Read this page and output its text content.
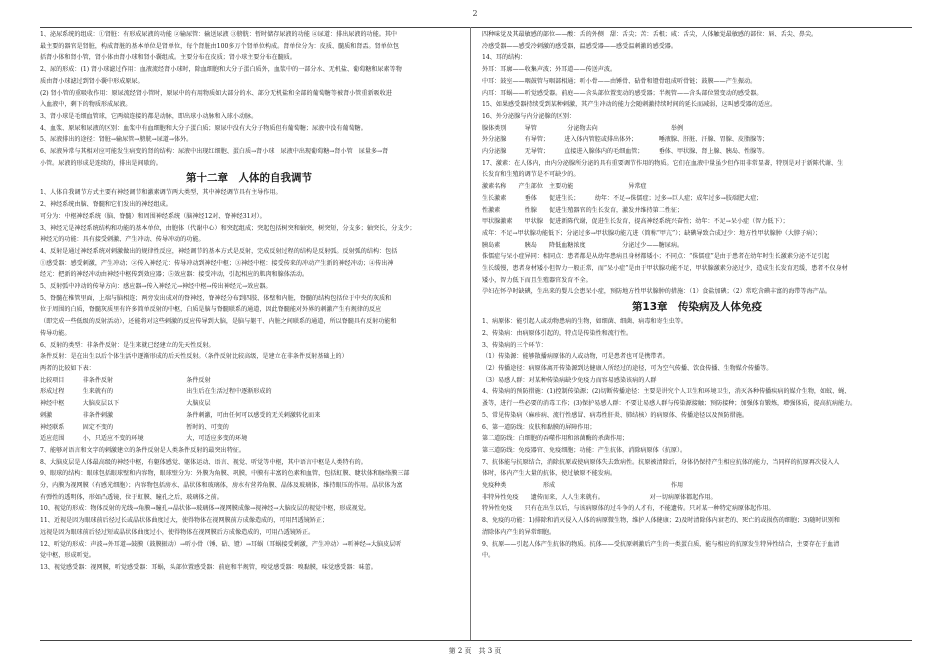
2

1、泌尿系统的组成：①肾脏：有形成尿液的功能 ②输尿管：输送尿液 ③膀胱：暂时储存尿液的功能 ④尿道：排出尿液的功能。其中

最主要的器官是肾脏，构成肾脏的基本单位是肾单位，每个肾脏由100多万个肾单位构成。肾单位分为：皮质、髓质和肾盂。肾单位包

括肾小体和肾小管，肾小体由肾小球和肾小囊组成。主要分布在皮质；肾小球主要分布在髓质。

2、尿的形成：(1) 肾小球滤过作用：血液流经肾小球时，除血细胞和大分子蛋白质外，血浆中的一部分水、无机盐、葡萄糖和尿素等物

质由肾小球滤过到肾小囊中形成原尿。

(2) 肾小管的重吸收作用：原尿流经肾小管时，原尿中的有用物质如大部分的水、部分无机盐和全部的葡萄糖等被肾小管重新吸收进

入血液中，剩下的物质形成尿液。

3、肾小球是毛细血管球，它两端连接的都是动脉，即出球小动脉和入球小动脉。

4、血浆、原尿和尿液的区别：血浆中有血细胞和大分子蛋白质；原尿中没有大分子物质但有葡萄糖；尿液中没有葡萄糖。

5、尿液排出的途径：肾脏→输尿管→膀胱→尿道→体外。

6、尿液异常与其相对应可能发生病变的肾的结构：尿液中出现红细胞、蛋白质→肾小球　尿液中出现葡萄糖→肾小管　尿量多→肾

小管。尿液的形成是连续的，排出是间歇的。

第十二章　人体的自我调节

1、人体自我调节方式主要有神经调节和激素调节两大类型，其中神经调节具有主导作用。

2、神经系统由脑、脊髓和它们发出的神经组成。

可分为：中枢神经系统（脑、脊髓）和周围神经系统（脑神经12对、脊神经31对）。

3、神经元是神经系统结构和功能的基本单位，由胞体（代谢中心）和突起组成；突起包括树突和轴突，树突短，分支多；轴突长，分支少；

神经元的功能：具有接受刺激、产生冲动、传导冲动的功能。

4、反射是通过神经系统对刺激做出的规律性反应，神经调节的基本方式是反射，完成反射过程的结构是反射弧。反射弧的结构：包括

①感受器：感受刺激，产生冲动；②传入神经元：传导冲动到神经中枢；③神经中枢：接受传来的冲动产生新的神经冲动；④传出神

经元：把新的神经冲动由神经中枢传到效应器；⑤效应器：接受冲动，引起相应的肌肉和腺体活动。

5、反射弧中冲动的传导方向：感应器→传入神经元→神经中枢→传出神经元→效应器。

5、脊髓在椎管里面，上端与脑相连；两旁发出成对的脊神经，脊神经分布到四肢、体壁和内脏，脊髓的结构包括位于中央的灰质和

位于周围的白质，脊髓灰质里有许多简单反射的中枢，白质是脑与脊髓联系的通道，因此脊髓能对外界的刺激产生有规律的反应

（即完成一些低级的反射活动），还能将对这些刺激的反应传导到大脑，是脑与躯干、内脏之间联系的通道，所以脊髓具有反射功能和

传导功能。

6、反射的类型：非条件反射：是生来就已经建立的先天性反射。

条件反射：是在出生以后个体生活中逐渐形成的后天性反射。（条件反射比较高级，是建立在非条件反射基础上的）

两者的比较如下表：

比较项目　　　非条件反射　　　　　　　　　　　　条件反射

形成过程　　　生来就有的　　　　　　　　　　　　出生后在生活过程中逐渐形成的

神经中枢　　　大脑皮层以下　　　　　　　　　　　大脑皮层

刺激　　　　　非条件刺激　　　　　　　　　　　　条件刺激，可由任何可以感受的无关刺激转化而来

神经联系　　　固定不变的　　　　　　　　　　　　暂时的、可变的

适应范围　　　小，只适应不变的环境　　　　　　　大，可适应多变的环境

7、能够对语言和文字的刺激建立的条件反射是人类条件反射的最突出特征。

8、大脑皮层是人体最高级的神经中枢，有躯体感觉、躯体运动、语言、视觉、听觉等中枢，其中语言中枢是人类特有的。

9、眼球的结构：眼球包括眼球壁和内容物，眼球壁分为：外膜为角膜、巩膜，中膜有丰富的色素和血管，包括虹膜、睫状体和脉络膜三部

分，内膜为视网膜（有感光细胞）；内容物包括房水、晶状体和玻璃体，房水有营养角膜、晶体及玻璃体，维持眼压的作用。晶状体为富

有弹性的透明体，形如凸透镜，位于虹膜、瞳孔之后，玻璃体之前。

10、视觉的形成：物体反射的光线→角膜→瞳孔→晶状体→玻璃体→视网膜成像→视神经→大脑皮层的视觉中枢，形成视觉。

11、近视是因为眼球前后径过长或晶状体曲度过大，使得物体在视网膜前方成像造成的，可用凹透镜矫正；

远视是因为眼球前后径过短或晶状体曲度过小，使得物体在视网膜后方成像造成的，可用凸透镜矫正。

12、听觉的形成：声波→外耳道→鼓膜（鼓膜振动）→听小骨（锤、砧、镫）→耳蜗（耳蜗接受刺激，产生冲动）→听神经→大脑皮层听

觉中枢，形成听觉。

13、视觉感受器：视网膜，听觉感受器：耳蜗，头部位置感受器：前庭和半规管，嗅觉感受器：嗅黏膜，味觉感受器：味蕾。

四种味觉及其最敏感的部位——酸：舌的外侧　甜：舌尖；苦：舌根；咸：舌尖，人体触觉最敏感的部位：唇、舌尖、鼻尖。

冷感受器——感受冷刺激的感受器，温感受器——感受温刺激的感受器。

14、耳的结构：

外耳：耳廓——收集声波；外耳道——传送声波。

中耳：鼓室——咽鼓管与咽部相通；听小骨——由锤骨、砧骨和镫骨组成听骨链；鼓膜——产生振动。

内耳：耳蜗——听觉感受器。前庭——含头部位置变动的感受器；半规管——含头部位置变动的感受器。

15、如果感受器持续受到某种刺激，其产生冲动的能力会随刺激持续时间的延长而减弱，这叫感受器的适应。

16、外分泌腺与内分泌腺的区别：

腺体类别　　　导管　　　　　分泌物去向　　　　　　　　　　　　举例

外分泌腺　　　有导管；　　　进入体内管腔或排出体外；　　　　唾液腺、肝脏、汗腺、胃腺、皮脂腺等；

内分泌腺　　　无导管；　　　直接进入腺体内的毛细血管；　　　垂体、甲状腺、肾上腺、胰岛、性腺等。

17、激素：在人体内，由内分泌腺所分泌的具有重要调节作用的物质。它们在血液中量虽少但作用非常显著，特别是对于新陈代谢、生

长发育和生殖的调节是不可缺少的。

激素名称　　产生部位　主要功能　　　　　　　　　异常症

生长激素　　　垂体　　促进生长；　　　幼年：不足→侏儒症；过多→巨人症；成年过多→肢端肥大症；

性激素　　　　性腺　　促进生殖器官的生长发育，激发并维持第二性征；

甲状腺激素　　甲状腺　促进新陈代谢，促进生长发育，提高神经系统兴奋性；幼年：不足→呆小症（智力低下）；

成年：不足→甲状腺功能低下；分泌过多→甲状腺功能亢进（简称“甲亢”）；缺碘导致合成过少：地方性甲状腺肿（大脖子病）；

胰岛素　　　　胰岛　　降低血糖浓度　　　　　　分泌过少——糖尿病。

侏儒症与呆小症异同：相同点：患者都是从幼年患病且身材都矮小；不同点：“侏儒症”是由于患者在幼年时生长激素分泌不足引起

生长缓慢，患者身材矮小但智力一般正常，而“呆小症”是由于甲状腺功能不足，甲状腺激素分泌过少，造成生长发育迟缓，患者不仅身材

矮小，智力低下而且生殖器官发育不全。

孕妇在怀孕时缺碘，生出来的婴儿会患呆小症，预防地方性甲状腺肿的措施：（1）食盐加碘；（2）常吃含碘丰富的海带等海产品。

第13章　传染病及人体免疫

1、病原体：能引起人或动物患病的生物，如细菌、细菌、病毒和寄生虫等。

2、传染病：由病原体引起的，特点是传染性和流行性。

3、传染病的三个环节：

（1）传染源：能够散播病原体的人或动物，可是患者也可是携带者。

（2）传播途径：病原体离开传染源到达健康人所经过的途径，可为空气传播、饮食传播、生物媒介传播等。

（3）易感人群：对某种传染病缺少免疫力而容易感染该病的人群

4、传染病的预防措施：(1)控制传染源；(2)切断传播途径：主要是讲究个人卫生和环境卫生，消灭各种传播疾病的媒介生物，如蚊、蝇、

蚤等，进行一些必要的消毒工作；(3)保护易感人群：不要让易感人群与传染源接触；预防接种；加强体育锻炼，增强体质，提高抗病能力。

5、常见传染病（麻疹病、流行性感冒、病毒性肝炎、肺结核）的病原体、传播途径以及预防措施。

6、第一道防线：皮肤和黏膜的屏障作用；

第二道防线：白细胞的吞噬作用和溶菌酶的杀菌作用；

第三道防线：免疫器官、免疫细胞；功能：产生抗体，消除病原体（抗原）。

7、抗体能与抗原结合，消除抗原或使病原体失去致病性。抗原被清除后，身体仍保持产生相应抗体的能力，当同样的抗原再次侵入人

体时，体内产生大量的抗体，使过敏原不能发病。

免疫种类　　　　　　形成　　　　　　　　　　　　　　　　　　　作用

非特异性免疫　　遗传而来，人人生来就有。　　　　　　　　对一切病原体都起作用。

特异性免疫　　只有在出生以后，与该病原体的过斗争的人才有，不能遗传。只对某一种特定病原体起作用。

8、免疫的功能：1)排除和消灭侵入人体的病原微生物，维护人体健康；2)及时清除体内衰老的、死亡的或损伤的细胞；3)随时识别和

清除体内产生的异常细胞。

9、抗原——引起人体产生抗体的物质。抗体——受抗原刺激后产生的一类蛋白质，能与相应的抗原发生特异性结合，主要存在于血清

中。

第 2 页　共 3 页
